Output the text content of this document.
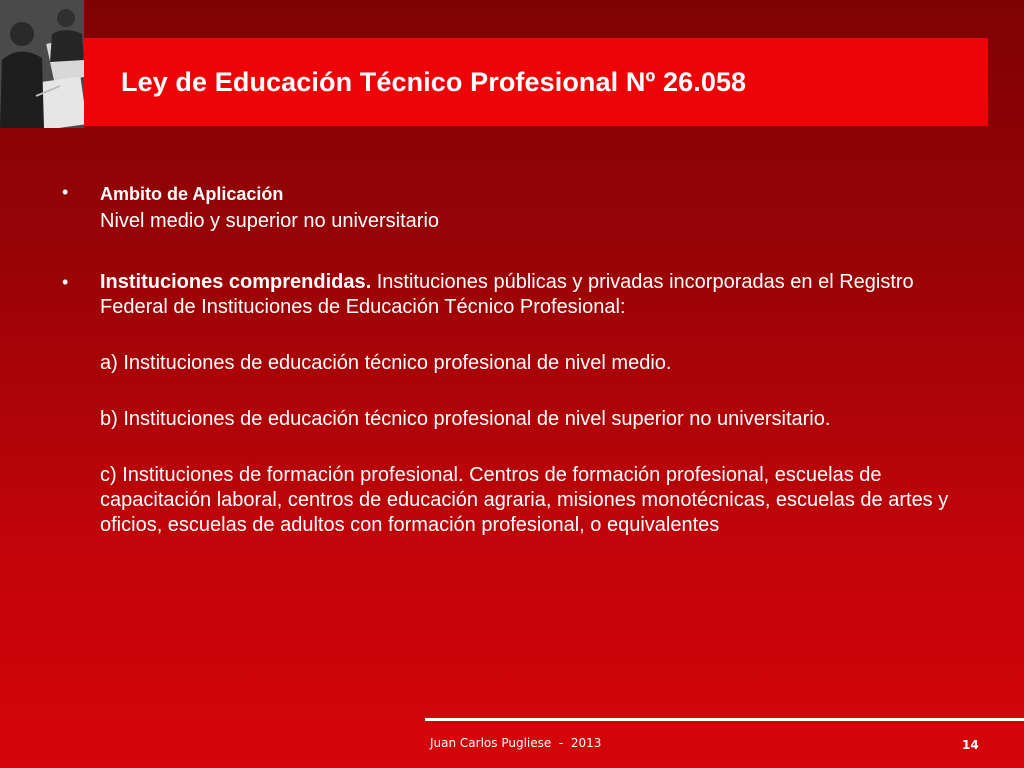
Ley de Educación Técnico Profesional Nº 26.058
•	Ambito de Aplicación
Nivel medio y superior no universitario
•	Instituciones comprendidas. Instituciones públicas y privadas incorporadas en el Registro Federal de Instituciones de Educación Técnico Profesional:
a) Instituciones de educación técnico profesional de nivel medio.
b) Instituciones de educación técnico profesional de nivel superior no universitario.
c) Instituciones de formación profesional. Centros de formación profesional, escuelas de capacitación laboral, centros de educación agraria, misiones monotécnicas, escuelas de artes y oficios, escuelas de adultos con formación profesional, o equivalentes
Juan Carlos Pugliese  -  2013	14
